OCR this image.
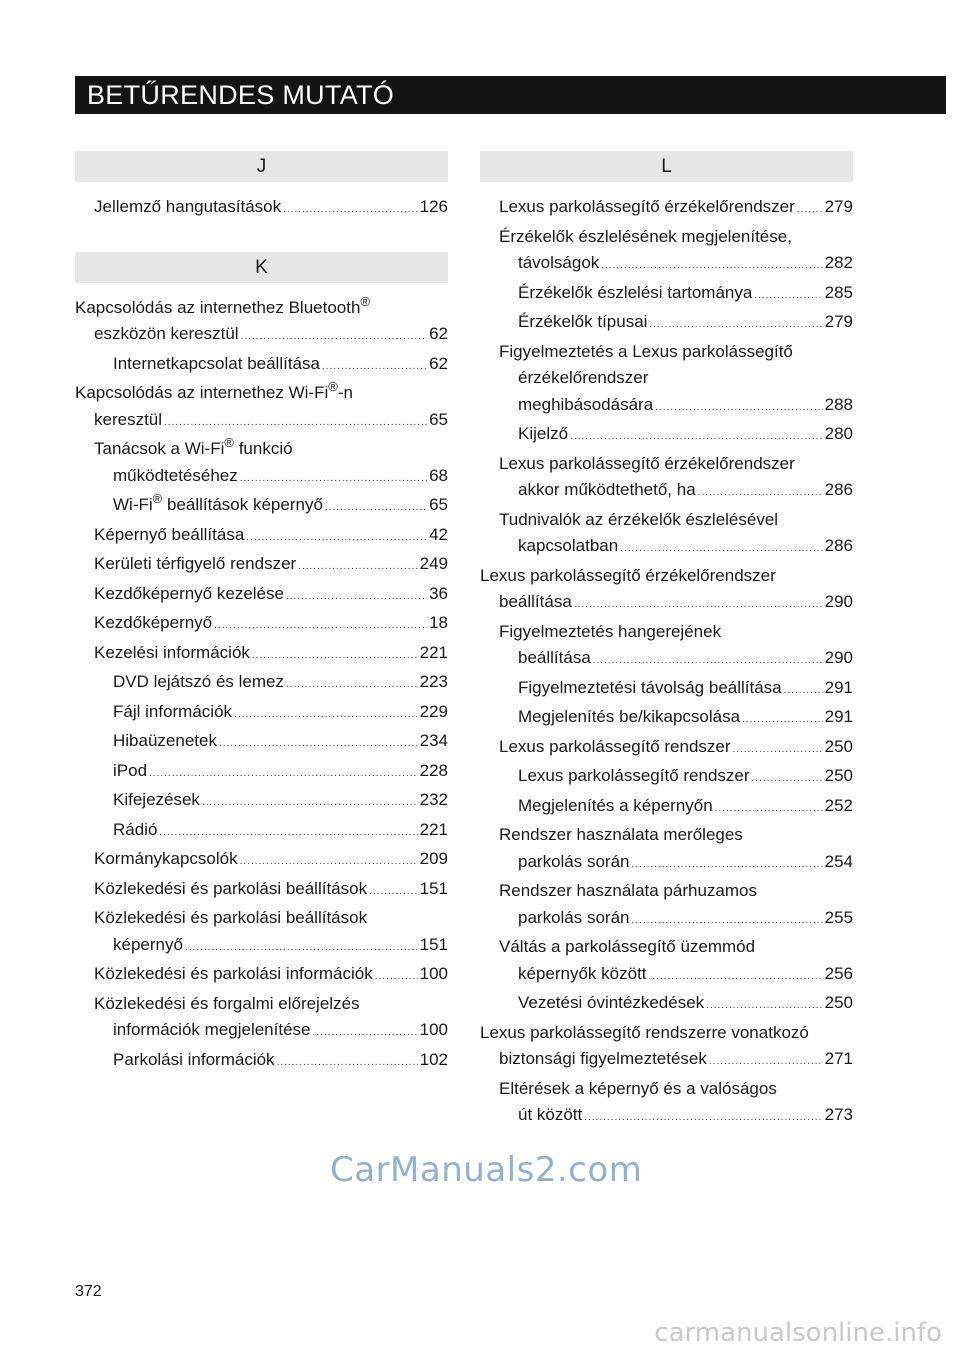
BETŰRENDES MUTATÓ
J
Jellemző hangutasítások .....	126
K
Kapcsolódás az internethez Bluetooth®
eszközön keresztül .....	62
Internetkapcsolat beállítása .....	62
Kapcsolódás az internethez Wi-Fi®-n
keresztül .....	65
Tanácsok a Wi-Fi® funkció
működtetéséhez .....	68
Wi-Fi® beállítások képernyő .....	65
Képernyő beállítása .....	42
Kerületi térfigyelő rendszer .....	249
Kezdőképernyő kezelése .....	36
Kezdőképernyő .....	18
Kezelési információk .....	221
DVD lejátszó és lemez .....	223
Fájl információk .....	229
Hibaüzenetek .....	234
iPod .....	228
Kifejezések .....	232
Rádió .....	221
Kormánykapcsolók .....	209
Közlekedési és parkolási beállítások .....	151
Közlekedési és parkolási beállítások
képernyő .....	151
Közlekedési és parkolási információk .....	100
Közlekedési és forgalmi előrejelzés
információk megjelenítése .....	100
Parkolási információk .....	102
L
Lexus parkolássegítő érzékelőrendszer ..... 279
Érzékelők észlelésének megjelenítése,
távolságok .....	282
Érzékelők észlelési tartománya .....	285
Érzékelők típusai .....	279
Figyelmeztetés a Lexus parkolássegítő
érzékelőrendszer
meghibásodására .....	288
Kijelző .....	280
Lexus parkolássegítő érzékelőrendszer
akkor működtethető, ha .....	286
Tudnivalók az érzékelők észlelésével
kapcsolatban .....	286
Lexus parkolássegítő érzékelőrendszer
beállítása .....	290
Figyelmeztetés hangerejének
beállítása .....	290
Figyelmeztetési távolság beállítása .....	291
Megjelenítés be/kikapcsolása .....	291
Lexus parkolássegítő rendszer .....	250
Lexus parkolássegítő rendszer .....	250
Megjelenítés a képernyőn .....	252
Rendszer használata merőleges
parkolás során .....	254
Rendszer használata párhuzamos
parkolás során .....	255
Váltás a parkolássegítő üzemmód
képernyők között .....	256
Vezetési óvintézkedések .....	250
Lexus parkolássegítő rendszerre vonatkozó
biztonsági figyelmeztetések .....	271
Eltérések a képernyő és a valóságos
út között .....	273
CarManuals2.com
372
carmanualsonline.info
